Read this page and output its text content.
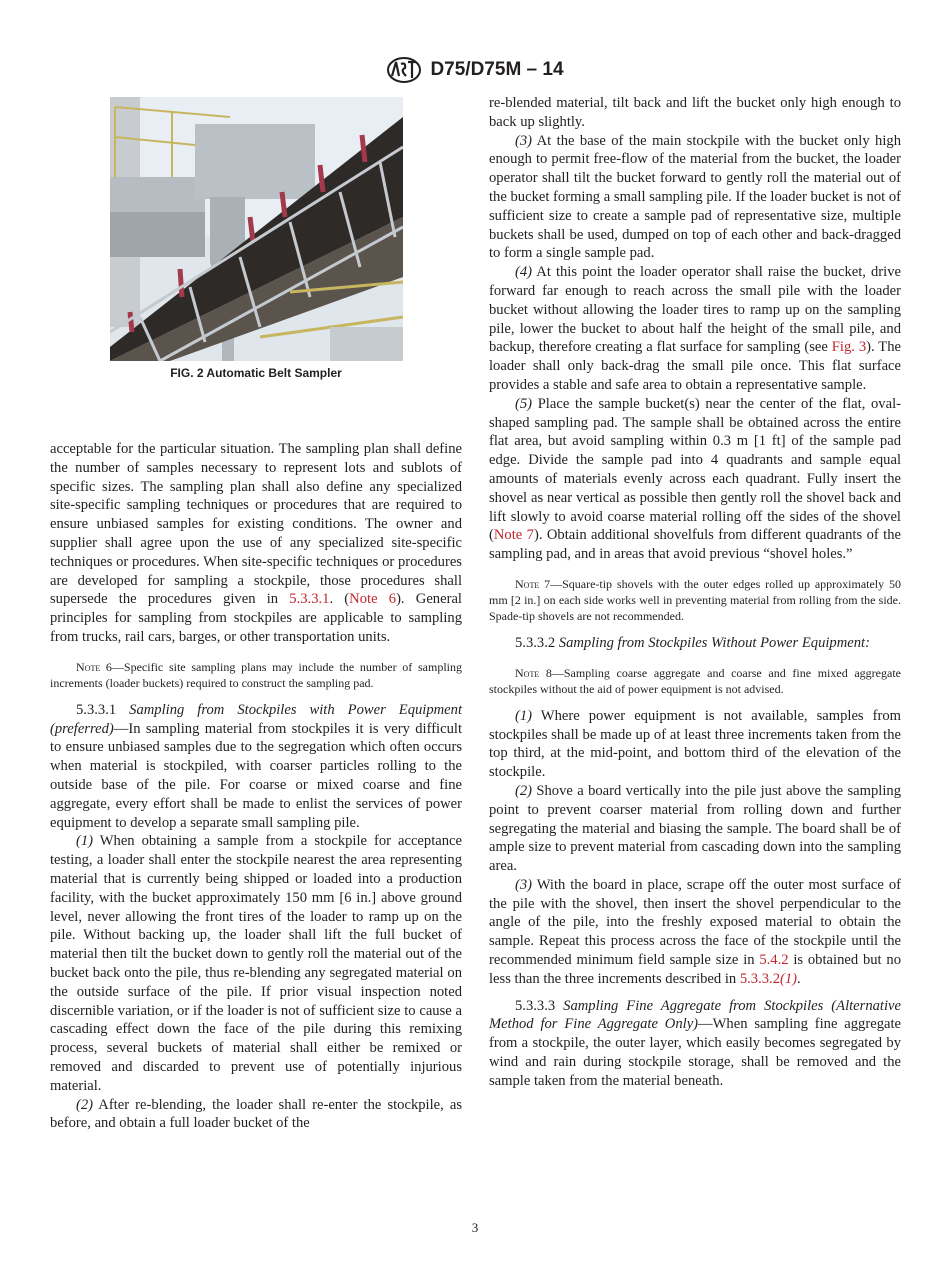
D75/D75M – 14
FIG. 2 Automatic Belt Sampler

acceptable for the particular situation. The sampling plan shall define the number of samples necessary to represent lots and sublots of specific sizes. The sampling plan shall also define any specialized site-specific sampling techniques or procedures that are required to ensure unbiased samples for existing conditions. The owner and supplier shall agree upon the use of any specialized site-specific techniques or procedures. When site-specific techniques or procedures are developed for sampling a stockpile, those procedures shall supersede the procedures given in 5.3.3.1. (Note 6). General principles for sampling from stockpiles are applicable to sampling from trucks, rail cars, barges, or other transportation units.

Note 6—Specific site sampling plans may include the number of sampling increments (loader buckets) required to construct the sampling pad.

5.3.3.1 Sampling from Stockpiles with Power Equipment (preferred)—In sampling material from stockpiles it is very difficult to ensure unbiased samples due to the segregation which often occurs when material is stockpiled, with coarser particles rolling to the outside base of the pile. For coarse or mixed coarse and fine aggregate, every effort shall be made to enlist the services of power equipment to develop a separate small sampling pile.

(1) When obtaining a sample from a stockpile for acceptance testing, a loader shall enter the stockpile nearest the area representing material that is currently being shipped or loaded into a production facility, with the bucket approximately 150 mm [6 in.] above ground level, never allowing the front tires of the loader to ramp up on the pile. Without backing up, the loader shall lift the full bucket of material then tilt the bucket down to gently roll the material out of the bucket back onto the pile, thus re-blending any segregated material on the outside surface of the pile. If prior visual inspection noted discernible variation, or if the loader is not of sufficient size to cause a cascading effect down the face of the pile during this remixing process, several buckets of material shall either be remixed or removed and discarded to prevent use of potentially injurious material.

(2) After re-blending, the loader shall re-enter the stockpile, as before, and obtain a full loader bucket of the

re-blended material, tilt back and lift the bucket only high enough to back up slightly.

(3) At the base of the main stockpile with the bucket only high enough to permit free-flow of the material from the bucket, the loader operator shall tilt the bucket forward to gently roll the material out of the bucket forming a small sampling pile. If the loader bucket is not of sufficient size to create a sample pad of representative size, multiple buckets shall be used, dumped on top of each other and back-dragged to form a single sample pad.

(4) At this point the loader operator shall raise the bucket, drive forward far enough to reach across the small pile with the loader bucket without allowing the loader tires to ramp up on the sampling pile, lower the bucket to about half the height of the small pile, and backup, therefore creating a flat surface for sampling (see Fig. 3). The loader shall only back-drag the small pile once. This flat surface provides a stable and safe area to obtain a representative sample.

(5) Place the sample bucket(s) near the center of the flat, oval-shaped sampling pad. The sample shall be obtained across the entire flat area, but avoid sampling within 0.3 m [1 ft] of the sample pad edge. Divide the sample pad into 4 quadrants and sample equal amounts of materials evenly across each quadrant. Fully insert the shovel as near vertical as possible then gently roll the shovel back and lift slowly to avoid coarse material rolling off the sides of the shovel (Note 7). Obtain additional shovelfuls from different quadrants of the sampling pad, and in areas that avoid previous “shovel holes.”

Note 7—Square-tip shovels with the outer edges rolled up approximately 50 mm [2 in.] on each side works well in preventing material from rolling from the side. Spade-tip shovels are not recommended.

5.3.3.2 Sampling from Stockpiles Without Power Equipment:

Note 8—Sampling coarse aggregate and coarse and fine mixed aggregate stockpiles without the aid of power equipment is not advised.

(1) Where power equipment is not available, samples from stockpiles shall be made up of at least three increments taken from the top third, at the mid-point, and bottom third of the elevation of the stockpile.

(2) Shove a board vertically into the pile just above the sampling point to prevent coarser material from rolling down and further segregating the material and biasing the sample. The board shall be of ample size to prevent material from cascading down into the sampling area.

(3) With the board in place, scrape off the outer most surface of the pile with the shovel, then insert the shovel perpendicular to the angle of the pile, into the freshly exposed material to obtain the sample. Repeat this process across the face of the stockpile until the recommended minimum field sample size in 5.4.2 is obtained but no less than the three increments described in 5.3.3.2(1).

5.3.3.3 Sampling Fine Aggregate from Stockpiles (Alternative Method for Fine Aggregate Only)—When sampling fine aggregate from a stockpile, the outer layer, which easily becomes segregated by wind and rain during stockpile storage, shall be removed and the sample taken from the material beneath.

3
